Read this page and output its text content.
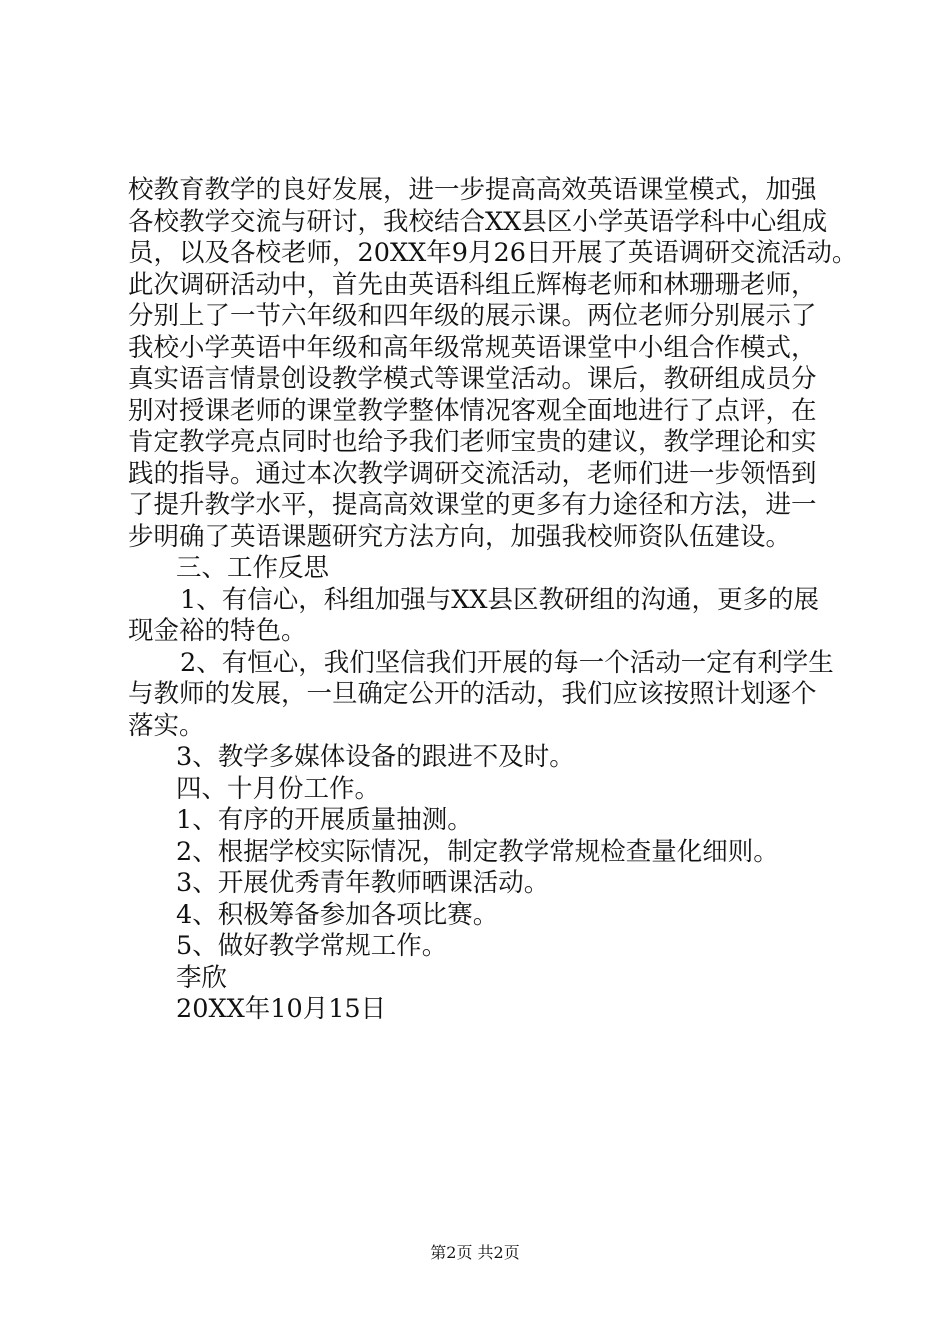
校教育教学的良好发展，进一步提高高效英语课堂模式，加强
各校教学交流与研讨，我校结合XX县区小学英语学科中心组成
员，以及各校老师，20XX年9月26日开展了英语调研交流活动。
此次调研活动中，首先由英语科组丘辉梅老师和林珊珊老师，
分别上了一节六年级和四年级的展示课。两位老师分别展示了
我校小学英语中年级和高年级常规英语课堂中小组合作模式，
真实语言情景创设教学模式等课堂活动。课后，教研组成员分
别对授课老师的课堂教学整体情况客观全面地进行了点评，在
肯定教学亮点同时也给予我们老师宝贵的建议，教学理论和实
践的指导。通过本次教学调研交流活动，老师们进一步领悟到
了提升教学水平，提高高效课堂的更多有力途径和方法，进一
步明确了英语课题研究方法方向，加强我校师资队伍建设。
三、工作反思
1、有信心，科组加强与XX县区教研组的沟通，更多的展
现金裕的特色。
2、有恒心，我们坚信我们开展的每一个活动一定有利学生
与教师的发展，一旦确定公开的活动，我们应该按照计划逐个
落实。
3、教学多媒体设备的跟进不及时。
四、十月份工作。
1、有序的开展质量抽测。
2、根据学校实际情况，制定教学常规检查量化细则。
3、开展优秀青年教师晒课活动。
4、积极筹备参加各项比赛。
5、做好教学常规工作。
李欣
20XX年10月15日
第2页 共2页
